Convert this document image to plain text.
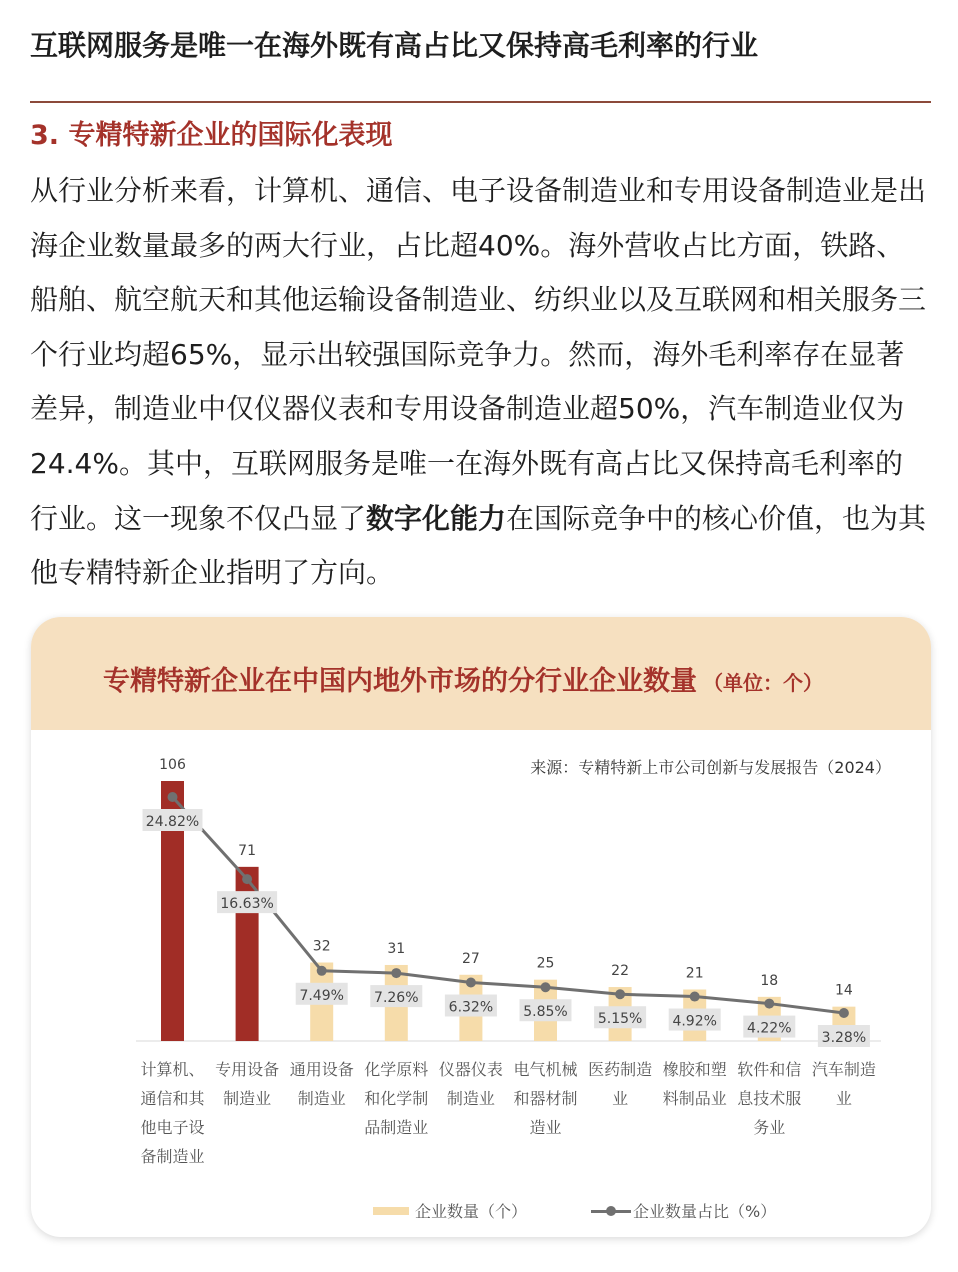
互联网服务是唯一在海外既有高占比又保持高毛利率的行业
3. 专精特新企业的国际化表现
从行业分析来看，计算机、通信、电子设备制造业和专用设备制造业是出海企业数量最多的两大行业，占比超40%。海外营收占比方面，铁路、船舶、航空航天和其他运输设备制造业、纺织业以及互联网和相关服务三个行业均超65%，显示出较强国际竞争力。然而，海外毛利率存在显著差异，制造业中仅仪器仪表和专用设备制造业超50%，汽车制造业仅为24.4%。其中，互联网服务是唯一在海外既有高占比又保持高毛利率的行业。这一现象不仅凸显了数字化能力在国际竞争中的核心价值，也为其他专精特新企业指明了方向。
专精特新企业在中国内地外市场的分行业企业数量 （单位：个）
来源：专精特新上市公司创新与发展报告（2024）
106
71
32	31
27	25	22	21	18
14
24.82%
16.63%
7.49% 7.26%
6.32% 5.85% 5.15% 4.92% 4.22%
3.28%
计算机、
通信和其
他电子设
备制造业
专用设备
制造业
通用设备
制造业
化学原料
和化学制
品制造业
仪器仪表
制造业
电气机械
和器材制
造业
医药制造
业
橡胶和塑
料制品业
软件和信
息技术服
务业
汽车制造
业
企业数量（个）	企业数量占比（%）
